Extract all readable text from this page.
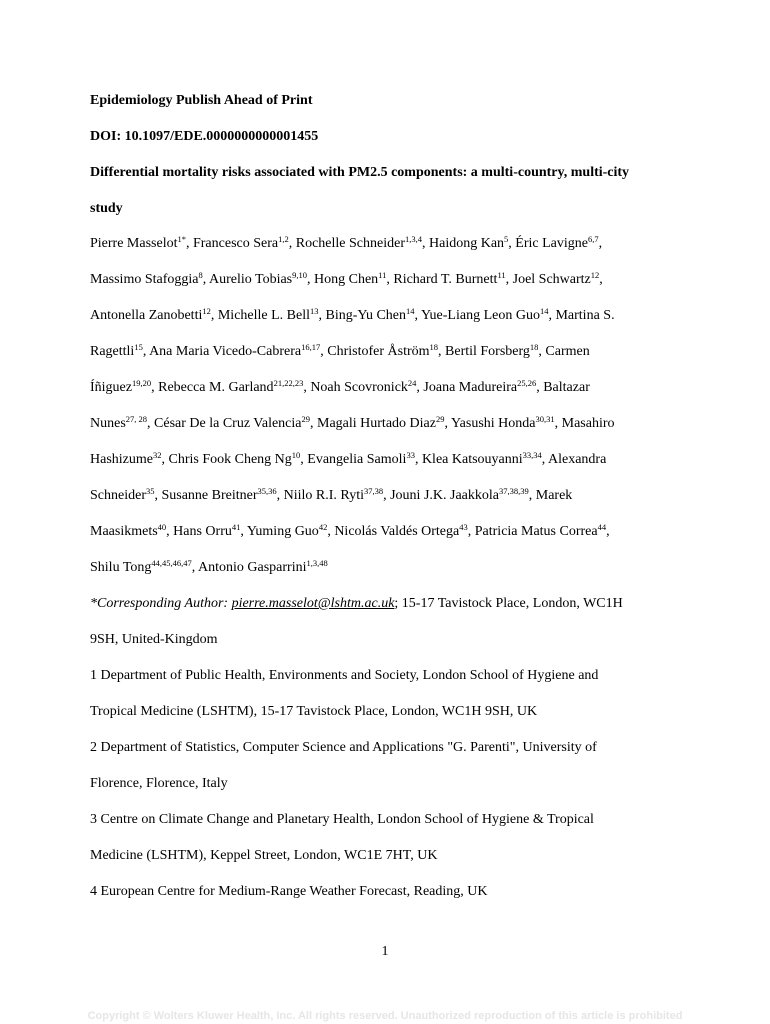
Epidemiology Publish Ahead of Print
DOI: 10.1097/EDE.0000000000001455
Differential mortality risks associated with PM2.5 components: a multi-country, multi-city
study
Pierre Masselot$^{1*}$, Francesco Sera$^{1,2}$, Rochelle Schneider$^{1,3,4}$, Haidong Kan$^5$, Éric Lavigne$^{6,7}$,
Massimo Stafoggia$^8$, Aurelio Tobias$^{9,10}$, Hong Chen$^{11}$, Richard T. Burnett$^{11}$, Joel Schwartz$^{12}$,
Antonella Zanobetti$^{12}$, Michelle L. Bell$^{13}$, Bing-Yu Chen$^{14}$, Yue-Liang Leon Guo$^{14}$, Martina S.
Ragettli$^{15}$, Ana Maria Vicedo-Cabrera$^{16,17}$, Christofer Åström$^{18}$, Bertil Forsberg$^{18}$, Carmen
Íñiguez$^{19,20}$, Rebecca M. Garland$^{21,22,23}$, Noah Scovronick$^{24}$, Joana Madureira$^{25,26}$, Baltazar
Nunes$^{27, 28}$, César De la Cruz Valencia$^{29}$, Magali Hurtado Diaz$^{29}$, Yasushi Honda$^{30,31}$, Masahiro
Hashizume$^{32}$, Chris Fook Cheng Ng$^{10}$, Evangelia Samoli$^{33}$, Klea Katsouyanni$^{33,34}$, Alexandra
Schneider$^{35}$, Susanne Breitner$^{35,36}$, Niilo R.I. Ryti$^{37,38}$, Jouni J.K. Jaakkola$^{37,38,39}$, Marek
Maasikmets$^{40}$, Hans Orru$^{41}$, Yuming Guo$^{42}$, Nicolás Valdés Ortega$^{43}$, Patricia Matus Correa$^{44}$,
Shilu Tong$^{44,45,46,47}$, Antonio Gasparrini$^{1,3,48}$
*Corresponding Author: pierre.masselot@lshtm.ac.uk; 15-17 Tavistock Place, London, WC1H
9SH, United-Kingdom
1 Department of Public Health, Environments and Society, London School of Hygiene and
Tropical Medicine (LSHTM), 15-17 Tavistock Place, London, WC1H 9SH, UK
2 Department of Statistics, Computer Science and Applications "G. Parenti", University of
Florence, Florence, Italy
3 Centre on Climate Change and Planetary Health, London School of Hygiene & Tropical
Medicine (LSHTM), Keppel Street, London, WC1E 7HT, UK
4 European Centre for Medium-Range Weather Forecast, Reading, UK
1
Copyright © Wolters Kluwer Health, Inc. All rights reserved. Unauthorized reproduction of this article is prohibited
